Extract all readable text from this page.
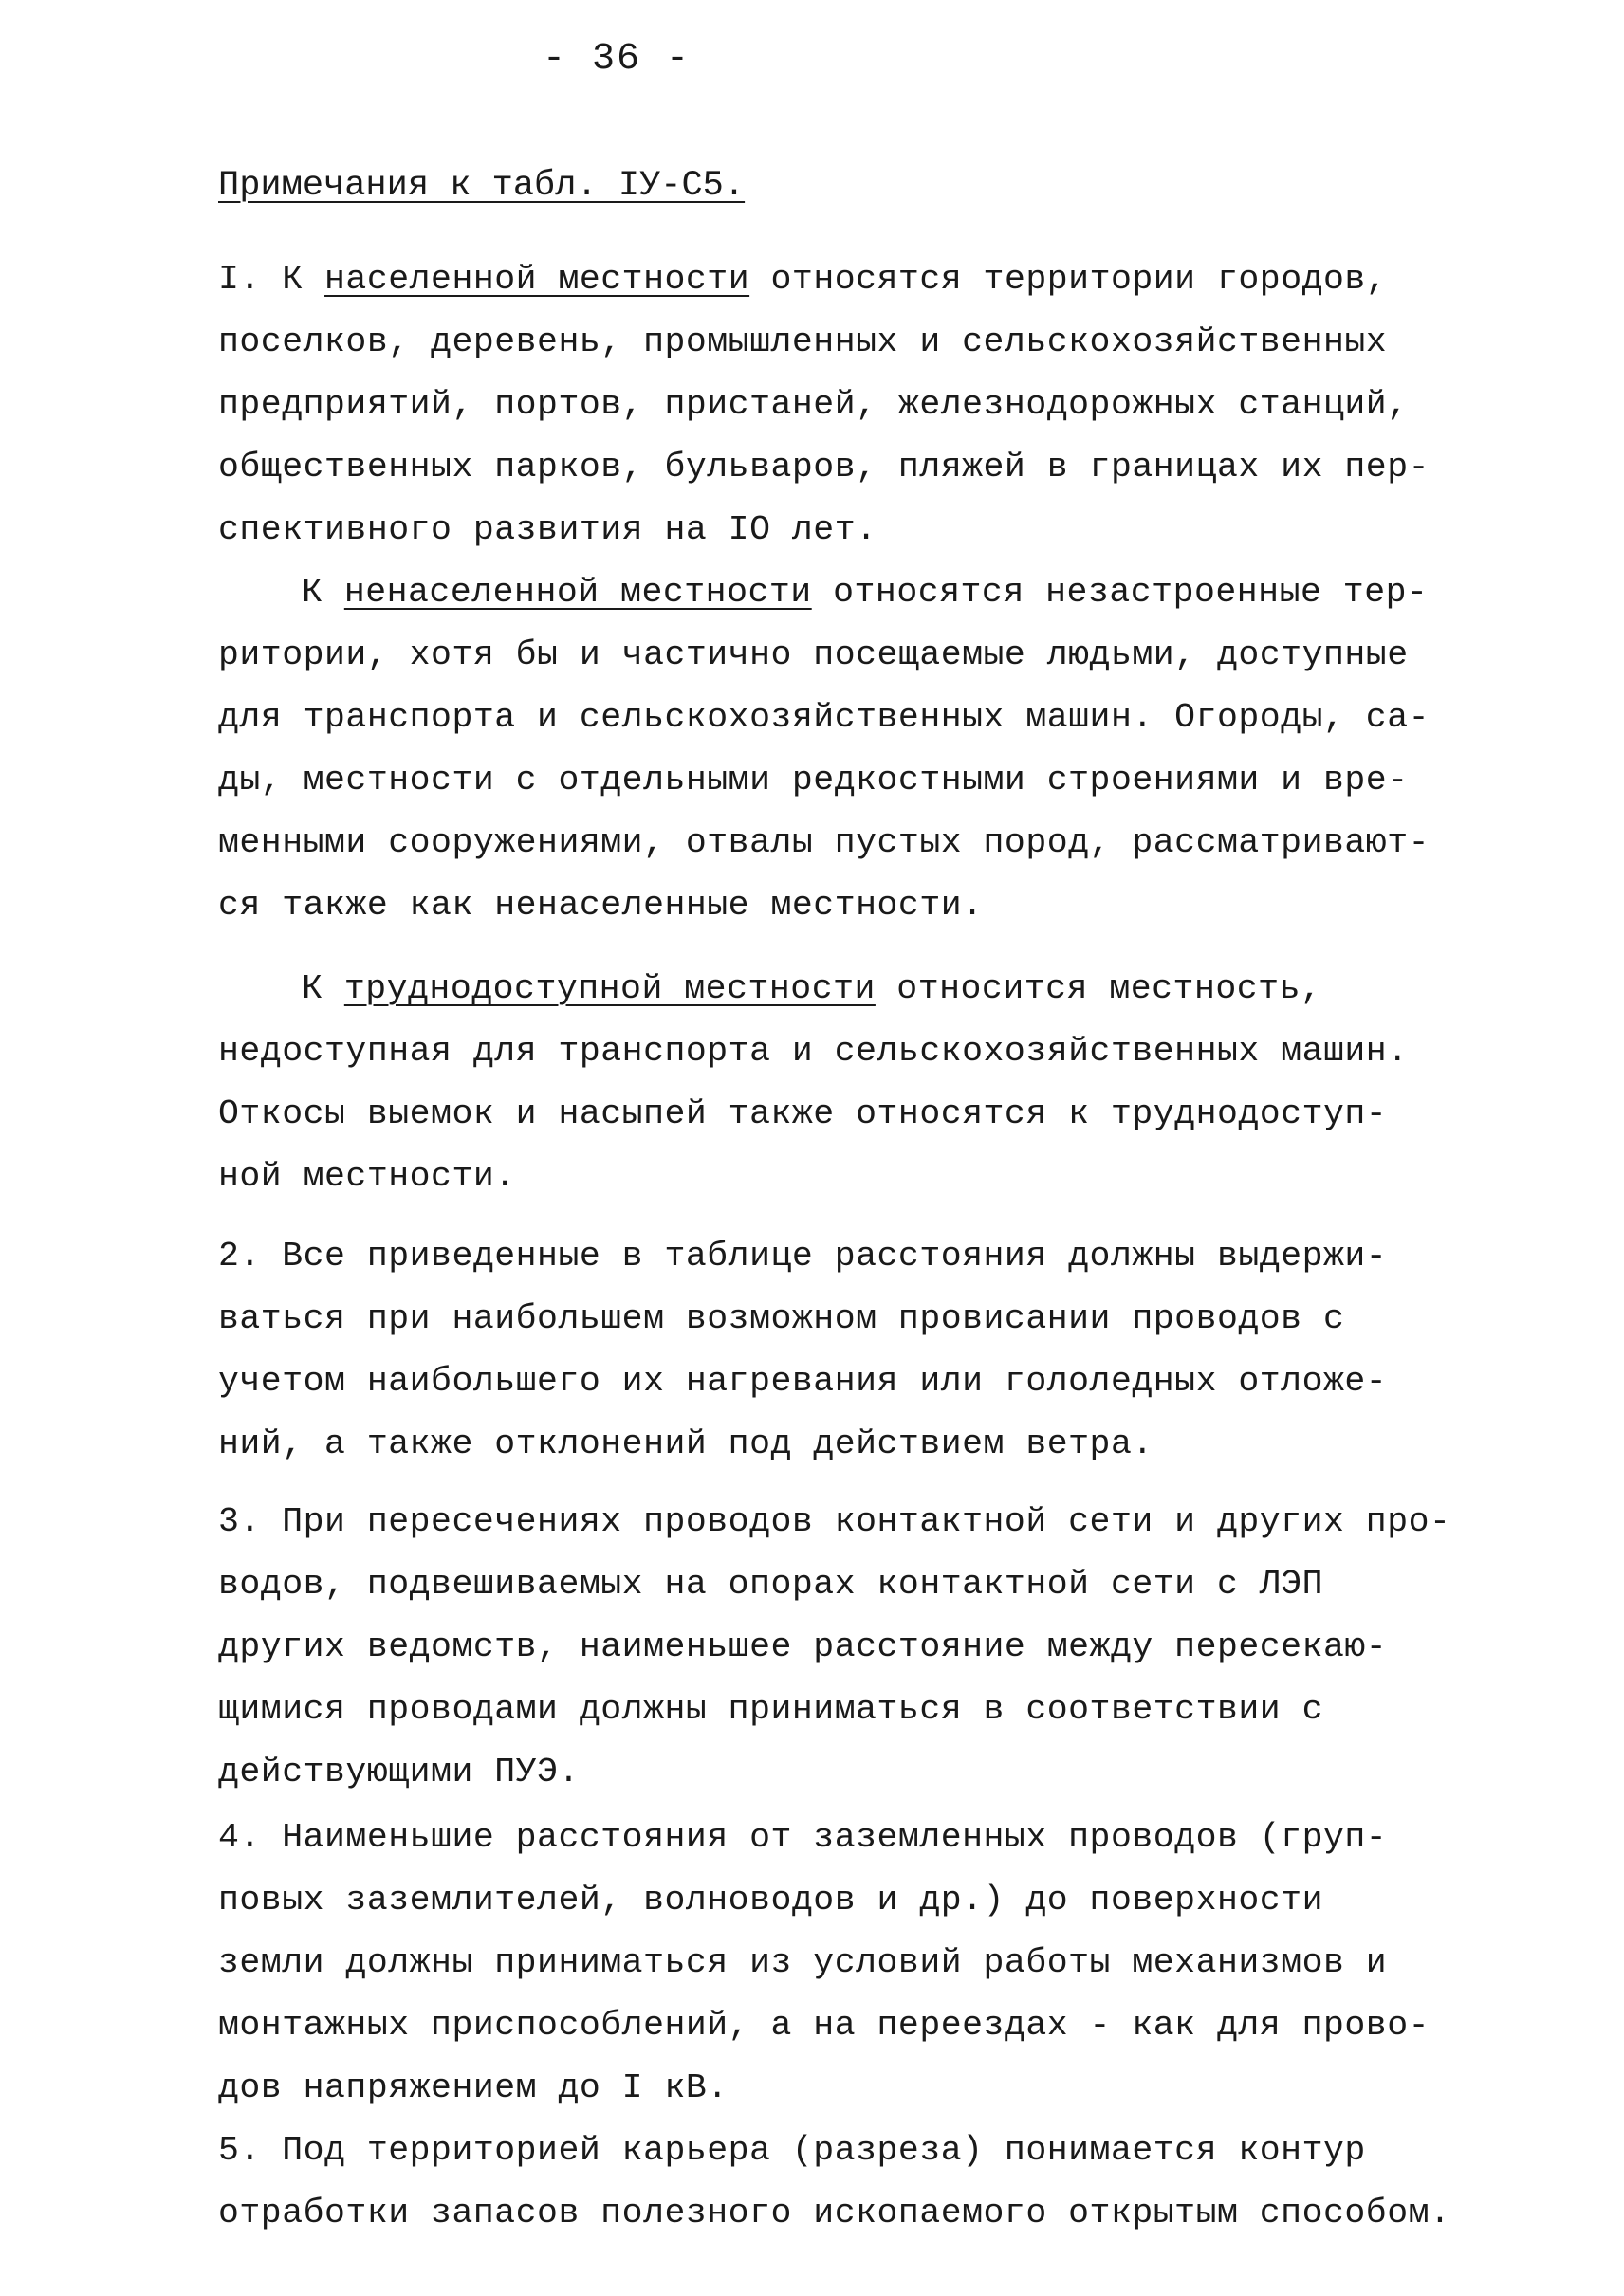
- 36 -
Примечания к табл. IУ-С5.
I. К населенной местности относятся территории городов,
поселков, деревень, промышленных и сельскохозяйственных
предприятий, портов, пристаней, железнодорожных станций,
общественных парков, бульваров, пляжей в границах их пер-
спективного развития на IO лет.
К ненаселенной местности относятся незастроенные тер-
ритории, хотя бы и частично посещаемые людьми, доступные
для транспорта и сельскохозяйственных машин. Огороды, са-
ды, местности с отдельными редкостными строениями и вре-
менными сооружениями, отвалы пустых пород, рассматривают-
ся также как ненаселенные местности.
К труднодоступной местности относится местность,
недоступная для транспорта и сельскохозяйственных машин.
Откосы выемок и насыпей также относятся к труднодоступ-
ной местности.
2. Все приведенные в таблице расстояния должны выдержи-
ваться при наибольшем возможном провисании проводов с
учетом наибольшего их нагревания или гололедных отложе-
ний, а также отклонений под действием ветра.
3. При пересечениях проводов контактной сети и других про-
водов, подвешиваемых на опорах контактной сети с ЛЭП
других ведомств, наименьшее расстояние между пересекаю-
щимися проводами должны приниматься в соответствии с
действующими ПУЭ.
4. Наименьшие расстояния от заземленных проводов (груп-
повых заземлителей, волноводов и др.) до поверхности
земли должны приниматься из условий работы механизмов и
монтажных приспособлений, а на переездах - как для прово-
дов напряжением до I кВ.
5. Под территорией карьера (разреза) понимается контур
отработки запасов полезного ископаемого открытым способом.
